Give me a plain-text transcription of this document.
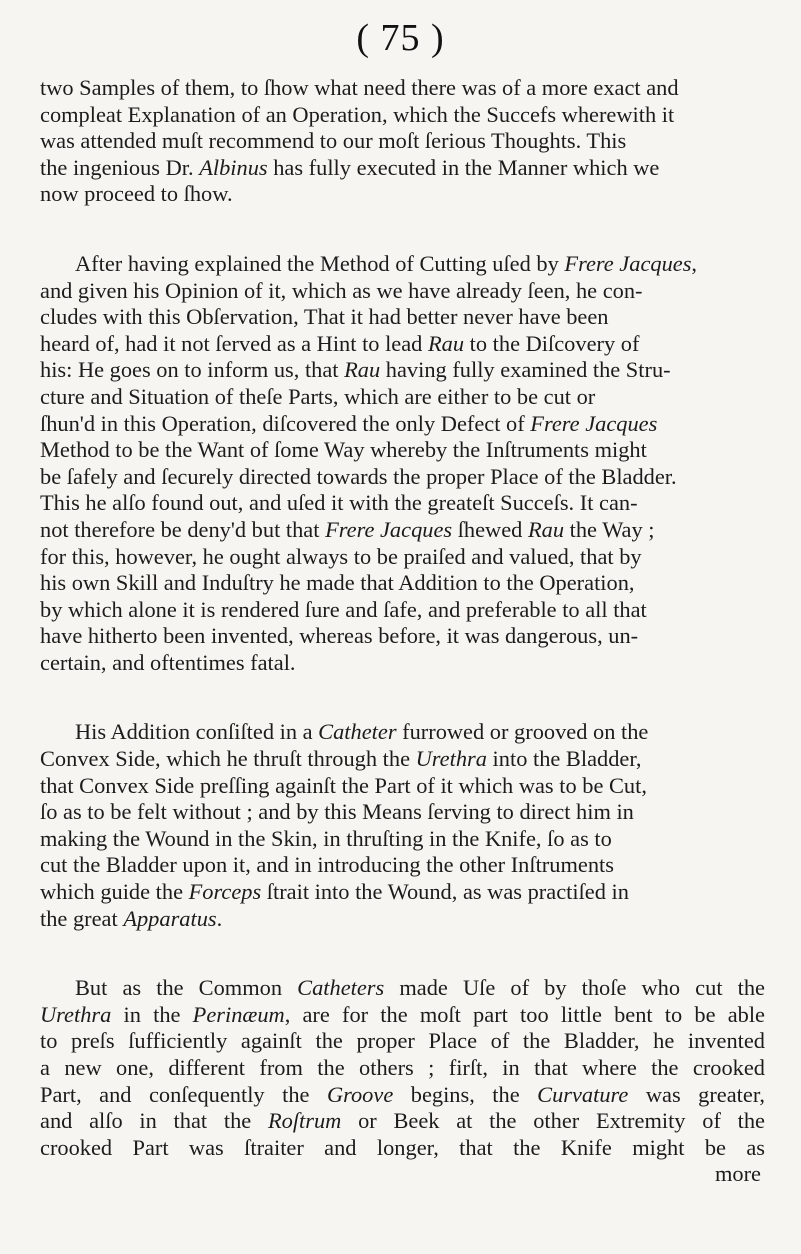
( 75 )

two Samples of them, to ſhow what need there was of a more exact and
compleat Explanation of an Operation, which the Succefs wherewith it
was attended muſt recommend to our moſt ſerious Thoughts. This
the ingenious Dr. Albinus has fully executed in the Manner which we
now proceed to ſhow.

After having explained the Method of Cutting uſed by Frere Jacques,
and given his Opinion of it, which as we have already ſeen, he con-
cludes with this Obſervation, That it had better never have been
heard of, had it not ſerved as a Hint to lead Rau to the Diſcovery of
his: He goes on to inform us, that Rau having fully examined the Stru-
cture and Situation of theſe Parts, which are either to be cut or
ſhun'd in this Operation, diſcovered the only Defect of Frere Jacques
Method to be the Want of ſome Way whereby the Inſtruments might
be ſafely and ſecurely directed towards the proper Place of the Bladder.
This he alſo found out, and uſed it with the greateſt Succeſs. It can-
not therefore be deny'd but that Frere Jacques ſhewed Rau the Way ;
for this, however, he ought always to be praiſed and valued, that by
his own Skill and Induſtry he made that Addition to the Operation,
by which alone it is rendered ſure and ſafe, and preferable to all that
have hitherto been invented, whereas before, it was dangerous, un-
certain, and oftentimes fatal.

His Addition conſiſted in a Catheter furrowed or grooved on the
Convex Side, which he thruſt through the Urethra into the Bladder,
that Convex Side preſſing againſt the Part of it which was to be Cut,
ſo as to be felt without ; and by this Means ſerving to direct him in
making the Wound in the Skin, in thruſting in the Knife, ſo as to
cut the Bladder upon it, and in introducing the other Inſtruments
which guide the Forceps ſtrait into the Wound, as was practiſed in
the great Apparatus.

But as the Common Catheters made Uſe of by thoſe who cut the
Urethra in the Perinæum, are for the moſt part too little bent to be able
to preſs ſufficiently againſt the proper Place of the Bladder, he invented
a new one, different from the others ; firſt, in that where the crooked
Part, and conſequently the Groove begins, the Curvature was greater,
and alſo in that the Roſtrum or Beek at the other Extremity of the
crooked Part was ſtraiter and longer, that the Knife might be as

more
